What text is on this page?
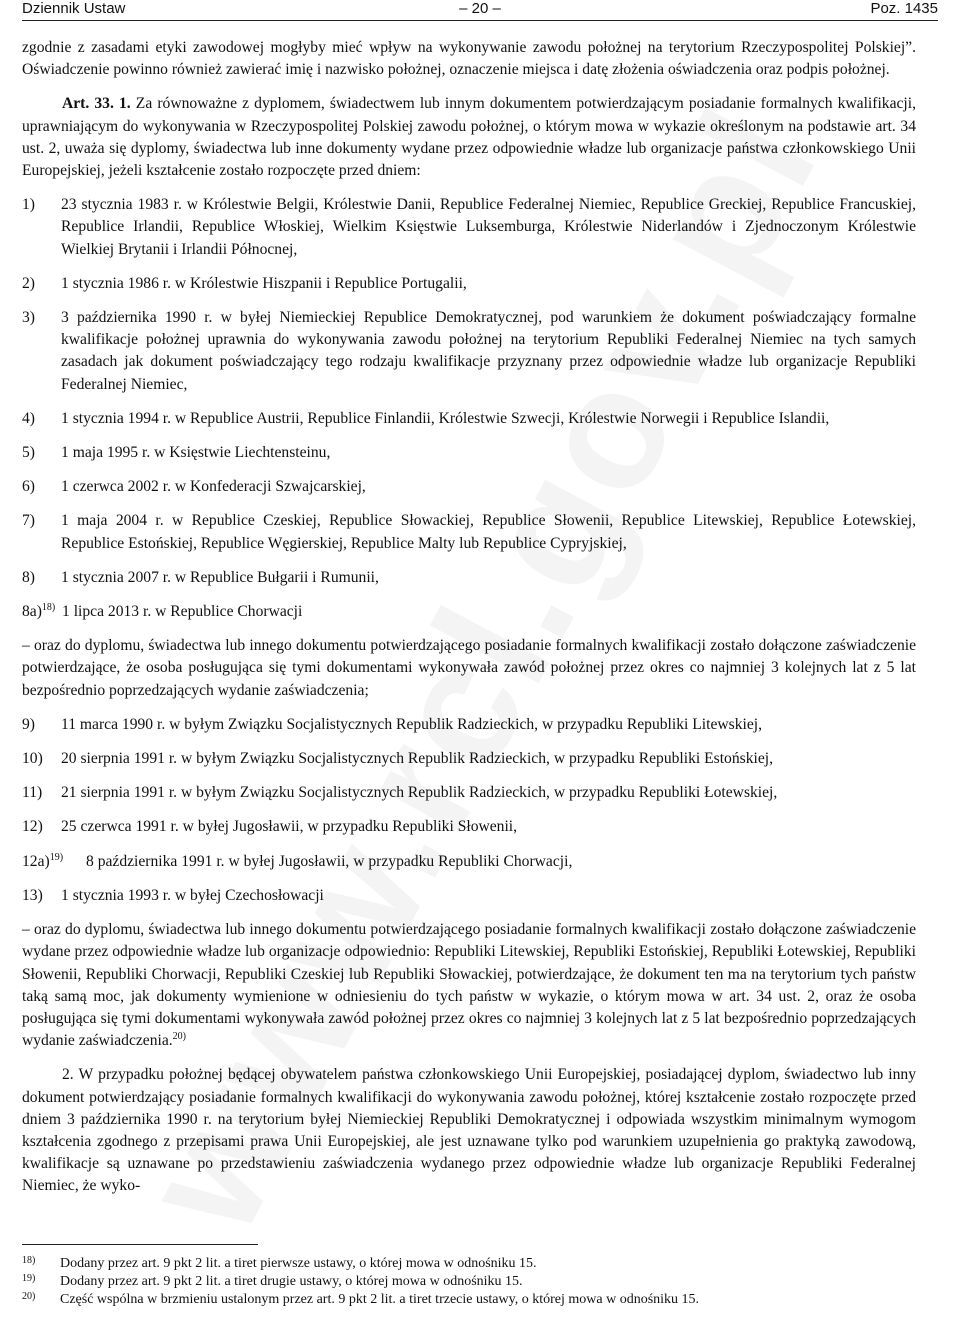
Dziennik Ustaw	– 20 –	Poz. 1435

zgodnie z zasadami etyki zawodowej mogłyby mieć wpływ na wykonywanie zawodu położnej na terytorium Rzeczypospolitej Polskiej”. Oświadczenie powinno również zawierać imię i nazwisko położnej, oznaczenie miejsca i datę złożenia oświadczenia oraz podpis położnej.

Art. 33. 1. Za równoważne z dyplomem, świadectwem lub innym dokumentem potwierdzającym posiadanie formalnych kwalifikacji, uprawniającym do wykonywania w Rzeczypospolitej Polskiej zawodu położnej, o którym mowa w wykazie określonym na podstawie art. 34 ust. 2, uważa się dyplomy, świadectwa lub inne dokumenty wydane przez odpowiednie władze lub organizacje państwa członkowskiego Unii Europejskiej, jeżeli kształcenie zostało rozpoczęte przed dniem:

1)	23 stycznia 1983 r. w Królestwie Belgii, Królestwie Danii, Republice Federalnej Niemiec, Republice Greckiej, Republice Francuskiej, Republice Irlandii, Republice Włoskiej, Wielkim Księstwie Luksemburga, Królestwie Niderlandów i Zjednoczonym Królestwie Wielkiej Brytanii i Irlandii Północnej,
2)	1 stycznia 1986 r. w Królestwie Hiszpanii i Republice Portugalii,
3)	3 października 1990 r. w byłej Niemieckiej Republice Demokratycznej, pod warunkiem że dokument poświadczający formalne kwalifikacje położnej uprawnia do wykonywania zawodu położnej na terytorium Republiki Federalnej Niemiec na tych samych zasadach jak dokument poświadczający tego rodzaju kwalifikacje przyznany przez odpowiednie władze lub organizacje Republiki Federalnej Niemiec,
4)	1 stycznia 1994 r. w Republice Austrii, Republice Finlandii, Królestwie Szwecji, Królestwie Norwegii i Republice Islandii,
5)	1 maja 1995 r. w Księstwie Liechtensteinu,
6)	1 czerwca 2002 r. w Konfederacji Szwajcarskiej,
7)	1 maja 2004 r. w Republice Czeskiej, Republice Słowackiej, Republice Słowenii, Republice Litewskiej, Republice Łotewskiej, Republice Estońskiej, Republice Węgierskiej, Republice Malty lub Republice Cypryjskiej,
8)	1 stycznia 2007 r. w Republice Bułgarii i Rumunii,
8a)$^{18)}$ 1 lipca 2013 r. w Republice Chorwacji

– oraz do dyplomu, świadectwa lub innego dokumentu potwierdzającego posiadanie formalnych kwalifikacji zostało dołączone zaświadczenie potwierdzające, że osoba posługująca się tymi dokumentami wykonywała zawód położnej przez okres co najmniej 3 kolejnych lat z 5 lat bezpośrednio poprzedzających wydanie zaświadczenia;

9)	11 marca 1990 r. w byłym Związku Socjalistycznych Republik Radzieckich, w przypadku Republiki Litewskiej,
10)	20 sierpnia 1991 r. w byłym Związku Socjalistycznych Republik Radzieckich, w przypadku Republiki Estońskiej,
11)	21 sierpnia 1991 r. w byłym Związku Socjalistycznych Republik Radzieckich, w przypadku Republiki Łotewskiej,
12)	25 czerwca 1991 r. w byłej Jugosławii, w przypadku Republiki Słowenii,
12a)$^{19)}$	8 października 1991 r. w byłej Jugosławii, w przypadku Republiki Chorwacji,
13)	1 stycznia 1993 r. w byłej Czechosłowacji

– oraz do dyplomu, świadectwa lub innego dokumentu potwierdzającego posiadanie formalnych kwalifikacji zostało dołączone zaświadczenie wydane przez odpowiednie władze lub organizacje odpowiednio: Republiki Litewskiej, Republiki Estońskiej, Republiki Łotewskiej, Republiki Słowenii, Republiki Chorwacji, Republiki Czeskiej lub Republiki Słowackiej, potwierdzające, że dokument ten ma na terytorium tych państw taką samą moc, jak dokumenty wymienione w odniesieniu do tych państw w wykazie, o którym mowa w art. 34 ust. 2, oraz że osoba posługująca się tymi dokumentami wykonywała zawód położnej przez okres co najmniej 3 kolejnych lat z 5 lat bezpośrednio poprzedzających wydanie zaświadczenia.$^{20)}$

2. W przypadku położnej będącej obywatelem państwa członkowskiego Unii Europejskiej, posiadającej dyplom, świadectwo lub inny dokument potwierdzający posiadanie formalnych kwalifikacji do wykonywania zawodu położnej, której kształcenie zostało rozpoczęte przed dniem 3 października 1990 r. na terytorium byłej Niemieckiej Republiki Demokratycznej i odpowiada wszystkim minimalnym wymogom kształcenia zgodnego z przepisami prawa Unii Europejskiej, ale jest uznawane tylko pod warunkiem uzupełnienia go praktyką zawodową, kwalifikacje są uznawane po przedstawieniu zaświadczenia wydanego przez odpowiednie władze lub organizacje Republiki Federalnej Niemiec, że wyko-

18)	Dodany przez art. 9 pkt 2 lit. a tiret pierwsze ustawy, o której mowa w odnośniku 15.
19)	Dodany przez art. 9 pkt 2 lit. a tiret drugie ustawy, o której mowa w odnośniku 15.
20)	Część wspólna w brzmieniu ustalonym przez art. 9 pkt 2 lit. a tiret trzecie ustawy, o której mowa w odnośniku 15.
